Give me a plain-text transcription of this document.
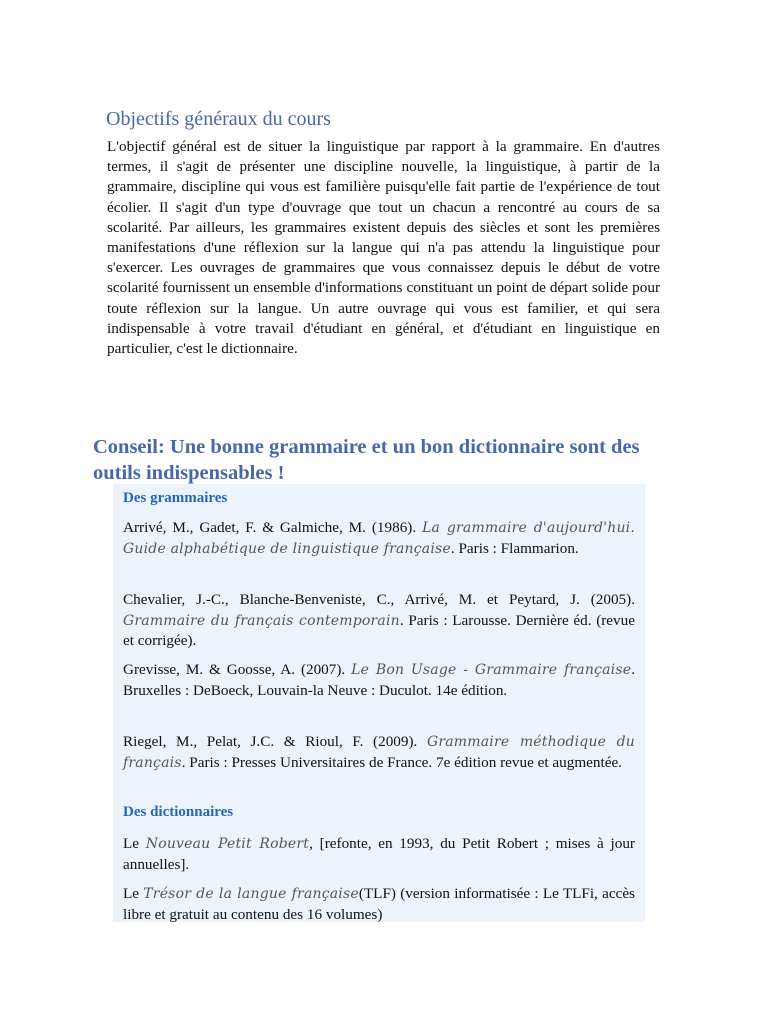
Objectifs généraux du cours

L'objectif général est de situer la linguistique par rapport à la grammaire. En d'autres termes, il s'agit de présenter une discipline nouvelle, la linguistique, à partir de la grammaire, discipline qui vous est familière puisqu'elle fait partie de l'expérience de tout écolier. Il s'agit d'un type d'ouvrage que tout un chacun a rencontré au cours de sa scolarité. Par ailleurs, les grammaires existent depuis des siècles et sont les premières manifestations d'une réflexion sur la langue qui n'a pas attendu la linguistique pour s'exercer. Les ouvrages de grammaires que vous connaissez depuis le début de votre scolarité fournissent un ensemble d'informations constituant un point de départ solide pour toute réflexion sur la langue. Un autre ouvrage qui vous est familier, et qui sera indispensable à votre travail d'étudiant en général, et d'étudiant en linguistique en particulier, c'est le dictionnaire.

Conseil: Une bonne grammaire et un bon dictionnaire sont des outils indispensables !

Des grammaires

Arrivé, M., Gadet, F. & Galmiche, M. (1986). La grammaire d'aujourd'hui. Guide alphabétique de linguistique française. Paris : Flammarion.

Chevalier, J.-C., Blanche-Benveniste, C., Arrivé, M. et Peytard, J. (2005). Grammaire du français contemporain. Paris : Larousse. Dernière éd. (revue et corrigée).

Grevisse, M. & Goosse, A. (2007). Le Bon Usage - Grammaire française. Bruxelles : DeBoeck, Louvain-la Neuve : Duculot. 14e édition.

Riegel, M., Pelat, J.C. & Rioul, F. (2009). Grammaire méthodique du français. Paris : Presses Universitaires de France. 7e édition revue et augmentée.

Des dictionnaires

Le Nouveau Petit Robert, [refonte, en 1993, du Petit Robert ; mises à jour annuelles].

Le Trésor de la langue française(TLF) (version informatisée : Le TLFi, accès libre et gratuit au contenu des 16 volumes)
